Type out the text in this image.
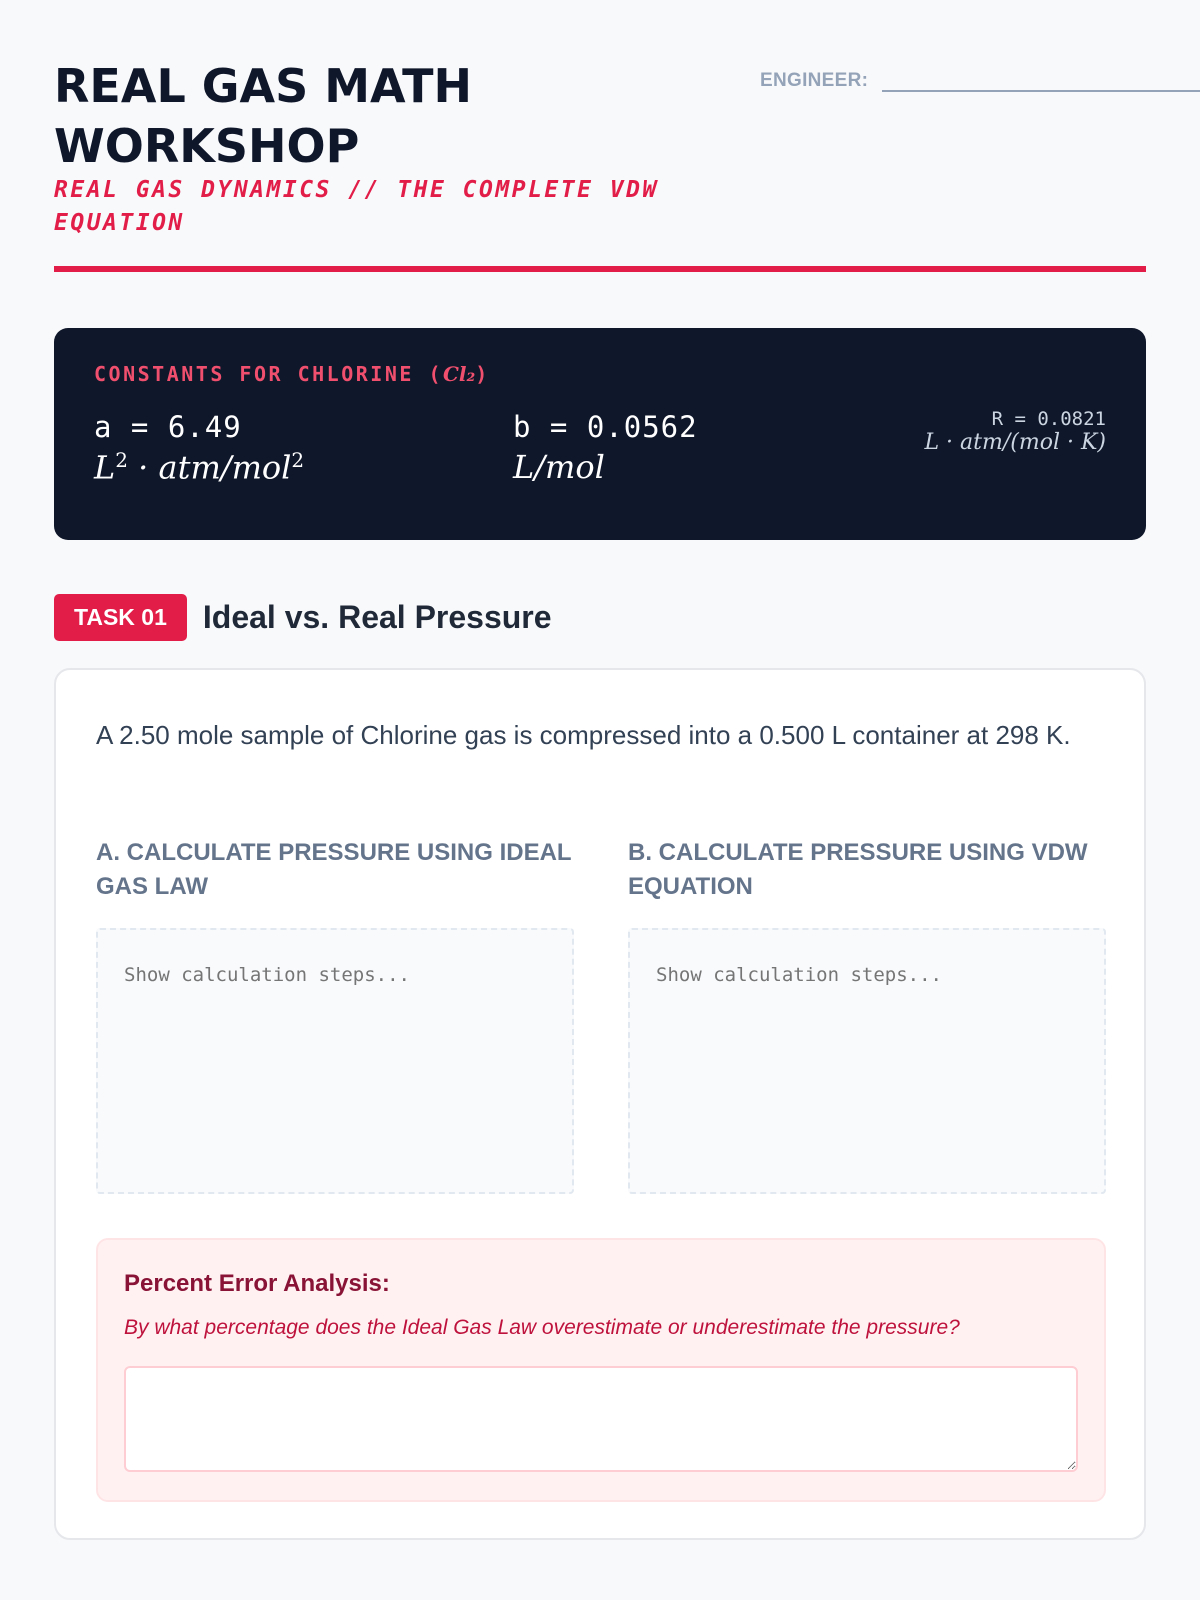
REAL GAS MATH WORKSHOP
REAL GAS DYNAMICS // THE COMPLETE VDW EQUATION
ENGINEER:
CONSTANTS FOR CHLORINE (Cl₂)
a = 6.49
$L^2 \cdot atm/mol^2$
b = 0.0562
L/mol
R = 0.0821
L · atm/(mol · K)
TASK 01	Ideal vs. Real Pressure

A 2.50 mole sample of Chlorine gas is compressed into a 0.500 L container at 298 K.

A. CALCULATE PRESSURE USING IDEAL GAS LAW
Show calculation steps...
B. CALCULATE PRESSURE USING VDW EQUATION
Show calculation steps...
Percent Error Analysis:
By what percentage does the Ideal Gas Law overestimate or underestimate the pressure?
